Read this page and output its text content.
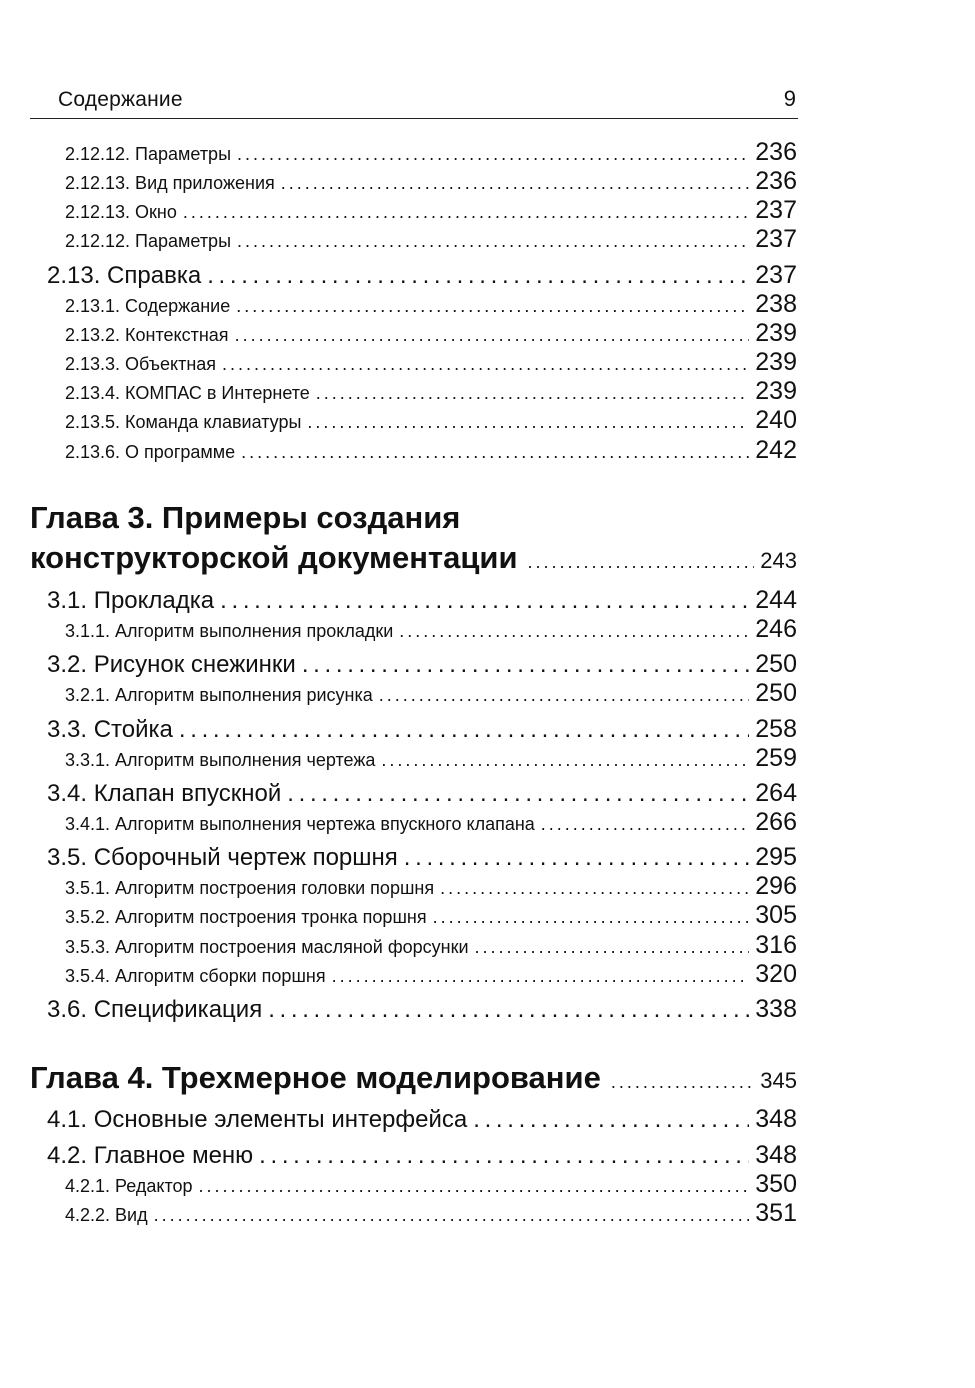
Содержание	9
2.12.12. Параметры . . .	236
2.12.13. Вид приложения . . .	236
2.12.13. Окно . . .	237
2.12.12. Параметры . . .	237
2.13. Справка . . .	237
2.13.1. Содержание . . .	238
2.13.2. Контекстная . . .	239
2.13.3. Объектная . . .	239
2.13.4. КОМПАС в Интернете . . .	239
2.13.5. Команда клавиатуры . . .	240
2.13.6. О программе . . .	242
Глава 3. Примеры создания
конструкторской документации . . .	243
3.1. Прокладка . . .	244
3.1.1. Алгоритм выполнения прокладки . . .	246
3.2. Рисунок снежинки . . .	250
3.2.1. Алгоритм выполнения рисунка . . .	250
3.3. Стойка . . .	258
3.3.1. Алгоритм выполнения чертежа . . .	259
3.4. Клапан впускной . . .	264
3.4.1. Алгоритм выполнения чертежа впускного клапана . . .	266
3.5. Сборочный чертеж поршня . . .	295
3.5.1. Алгоритм построения головки поршня . . .	296
3.5.2. Алгоритм построения тронка поршня . . .	305
3.5.3. Алгоритм построения масляной форсунки . . .	316
3.5.4. Алгоритм сборки поршня . . .	320
3.6. Спецификация . . .	338
Глава 4. Трехмерное моделирование . . .	345
4.1. Основные элементы интерфейса . . .	348
4.2. Главное меню . . .	348
4.2.1. Редактор . . .	350
4.2.2. Вид . . .	351
